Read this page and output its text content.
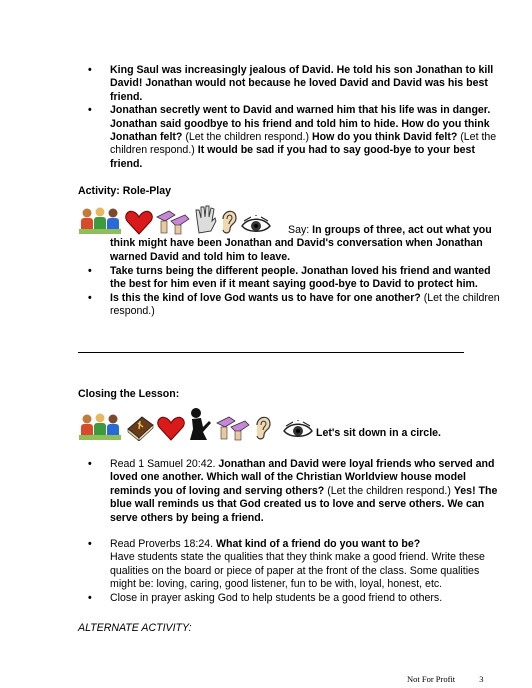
• King Saul was increasingly jealous of David. He told his son Jonathan to kill David! Jonathan would not because he loved David and David was his best friend.
• Jonathan secretly went to David and warned him that his life was in danger. Jonathan said goodbye to his friend and told him to hide. How do you think Jonathan felt? (Let the children respond.) How do you think David felt? (Let the children respond.) It would be sad if you had to say good-bye to your best friend.
Activity: Role-Play
Say: In groups of three, act out what you think might have been Jonathan and David's conversation when Jonathan warned David and told him to leave.
• Take turns being the different people. Jonathan loved his friend and wanted the best for him even if it meant saying good-bye to David to protect him.
• Is this the kind of love God wants us to have for one another? (Let the children respond.)
Closing the Lesson:
Let's sit down in a circle.
• Read 1 Samuel 20:42. Jonathan and David were loyal friends who served and loved one another. Which wall of the Christian Worldview house model reminds you of loving and serving others? (Let the children respond.) Yes! The blue wall reminds us that God created us to love and serve others. We can serve others by being a friend.
• Read Proverbs 18:24. What kind of a friend do you want to be?
Have students state the qualities that they think make a good friend. Write these qualities on the board or piece of paper at the front of the class. Some qualities might be: loving, caring, good listener, fun to be with, loyal, honest, etc.
• Close in prayer asking God to help students be a good friend to others.
ALTERNATE ACTIVITY:
Not For Profit	3
